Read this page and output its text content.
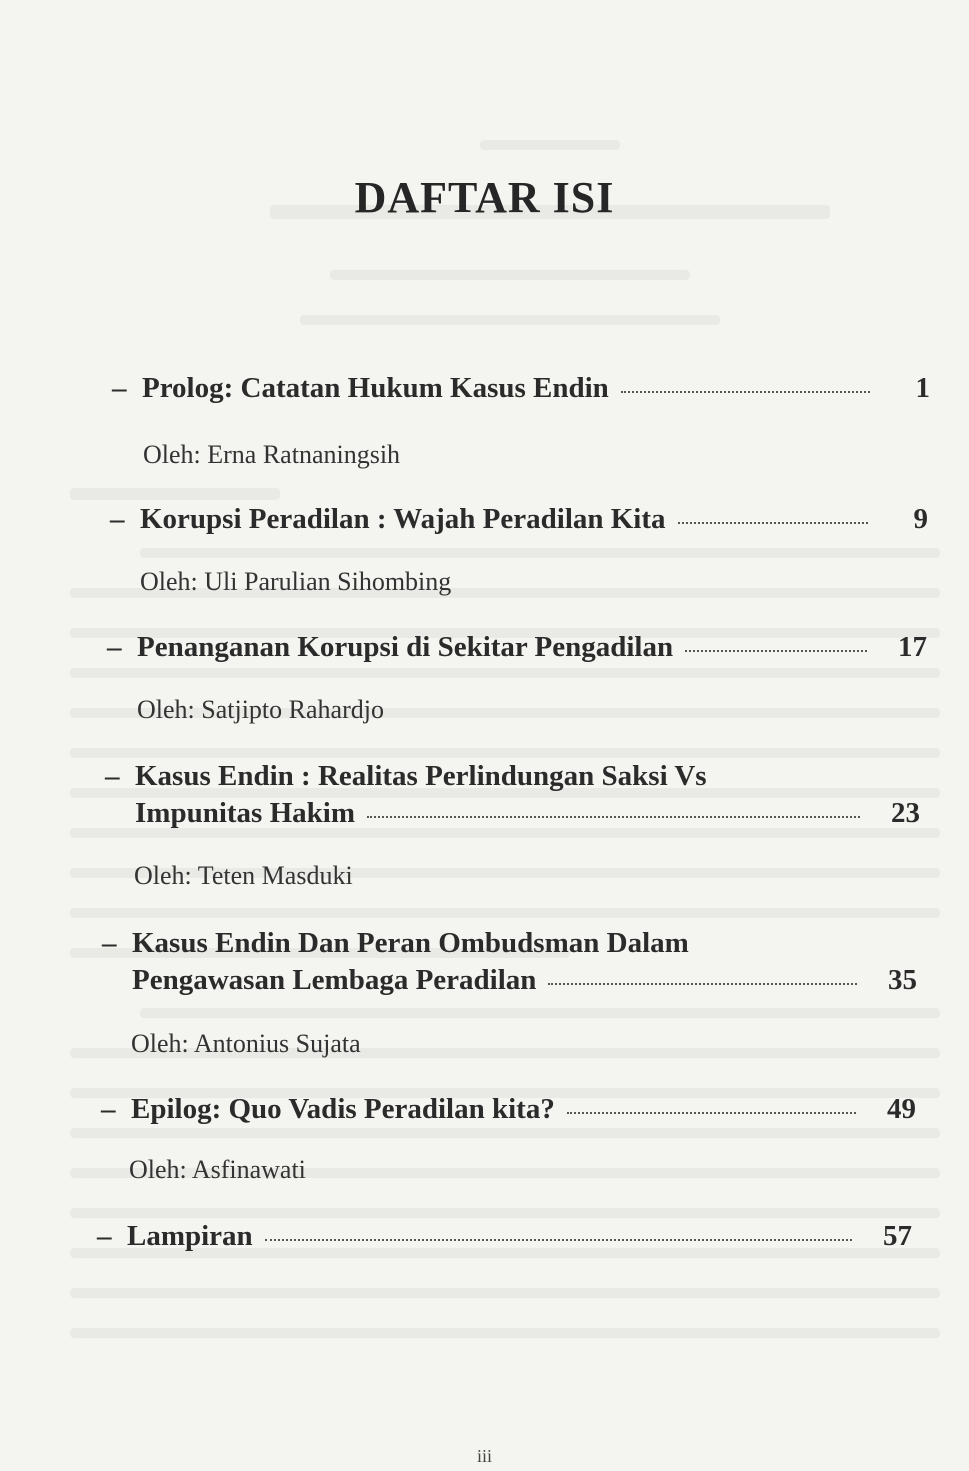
DAFTAR ISI
– Prolog: Catatan Hukum Kasus Endin	1
Oleh: Erna Ratnaningsih
– Korupsi Peradilan : Wajah Peradilan Kita	9
Oleh: Uli Parulian Sihombing
– Penanganan Korupsi di Sekitar Pengadilan	17
Oleh: Satjipto Rahardjo
– Kasus Endin : Realitas Perlindungan Saksi Vs
Impunitas Hakim	23
Oleh: Teten Masduki
– Kasus Endin Dan Peran Ombudsman Dalam
Pengawasan Lembaga Peradilan	35
Oleh: Antonius Sujata
– Epilog: Quo Vadis Peradilan kita?	49
Oleh: Asfinawati
– Lampiran	57
iii
